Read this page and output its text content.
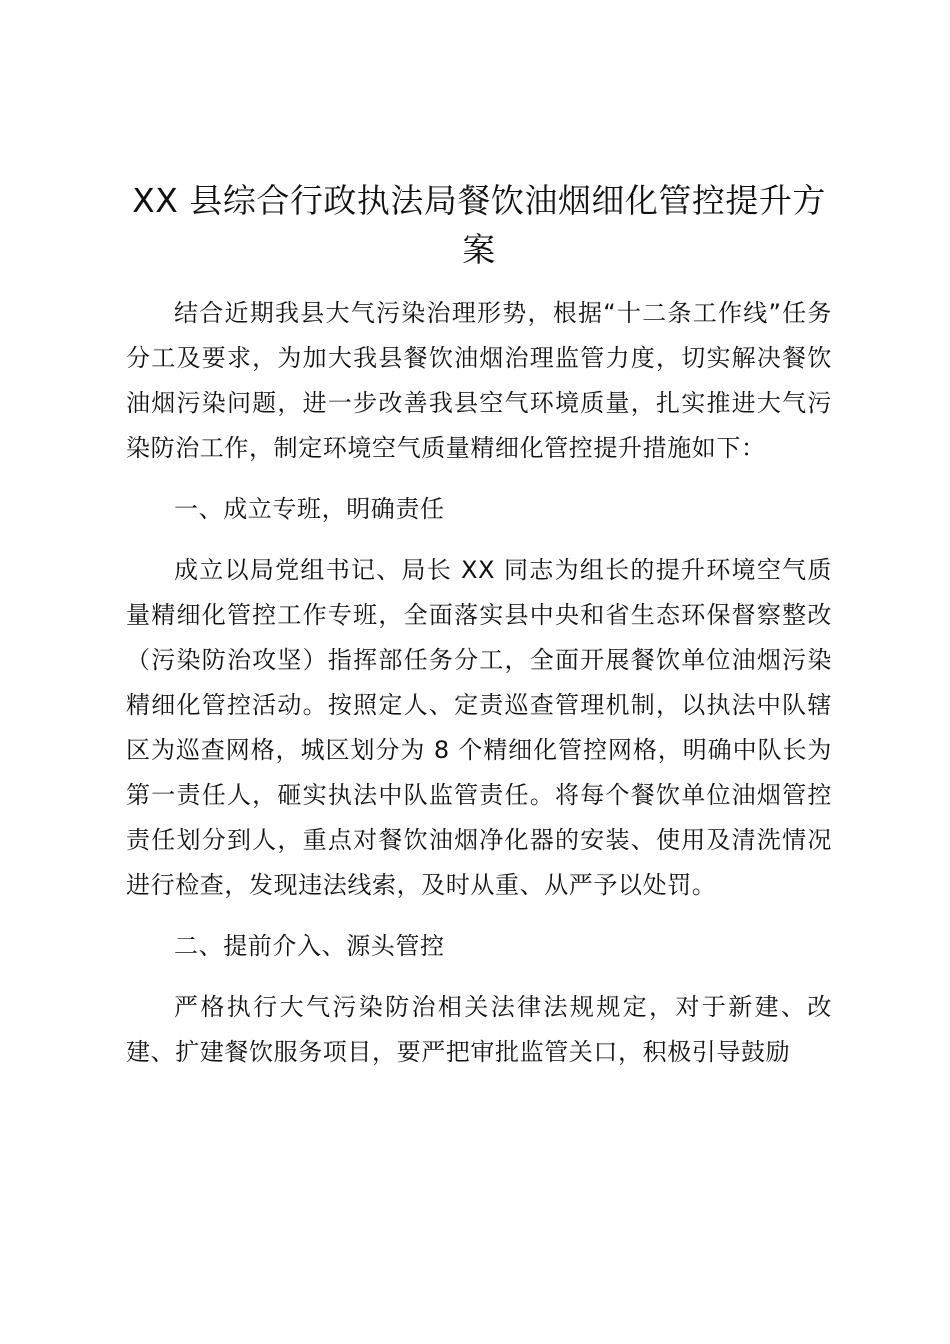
XX 县综合行政执法局餐饮油烟细化管控提升方案

结合近期我县大气污染治理形势，根据“十二条工作线”任务分工及要求，为加大我县餐饮油烟治理监管力度，切实解决餐饮油烟污染问题，进一步改善我县空气环境质量，扎实推进大气污染防治工作，制定环境空气质量精细化管控提升措施如下：

一、成立专班，明确责任

成立以局党组书记、局长 XX 同志为组长的提升环境空气质量精细化管控工作专班，全面落实县中央和省生态环保督察整改（污染防治攻坚）指挥部任务分工，全面开展餐饮单位油烟污染精细化管控活动。按照定人、定责巡查管理机制，以执法中队辖区为巡查网格，城区划分为 8 个精细化管控网格，明确中队长为第一责任人，砸实执法中队监管责任。将每个餐饮单位油烟管控责任划分到人，重点对餐饮油烟净化器的安装、使用及清洗情况进行检查，发现违法线索，及时从重、从严予以处罚。

二、提前介入、源头管控

严格执行大气污染防治相关法律法规规定，对于新建、改建、扩建餐饮服务项目，要严把审批监管关口，积极引导鼓励
